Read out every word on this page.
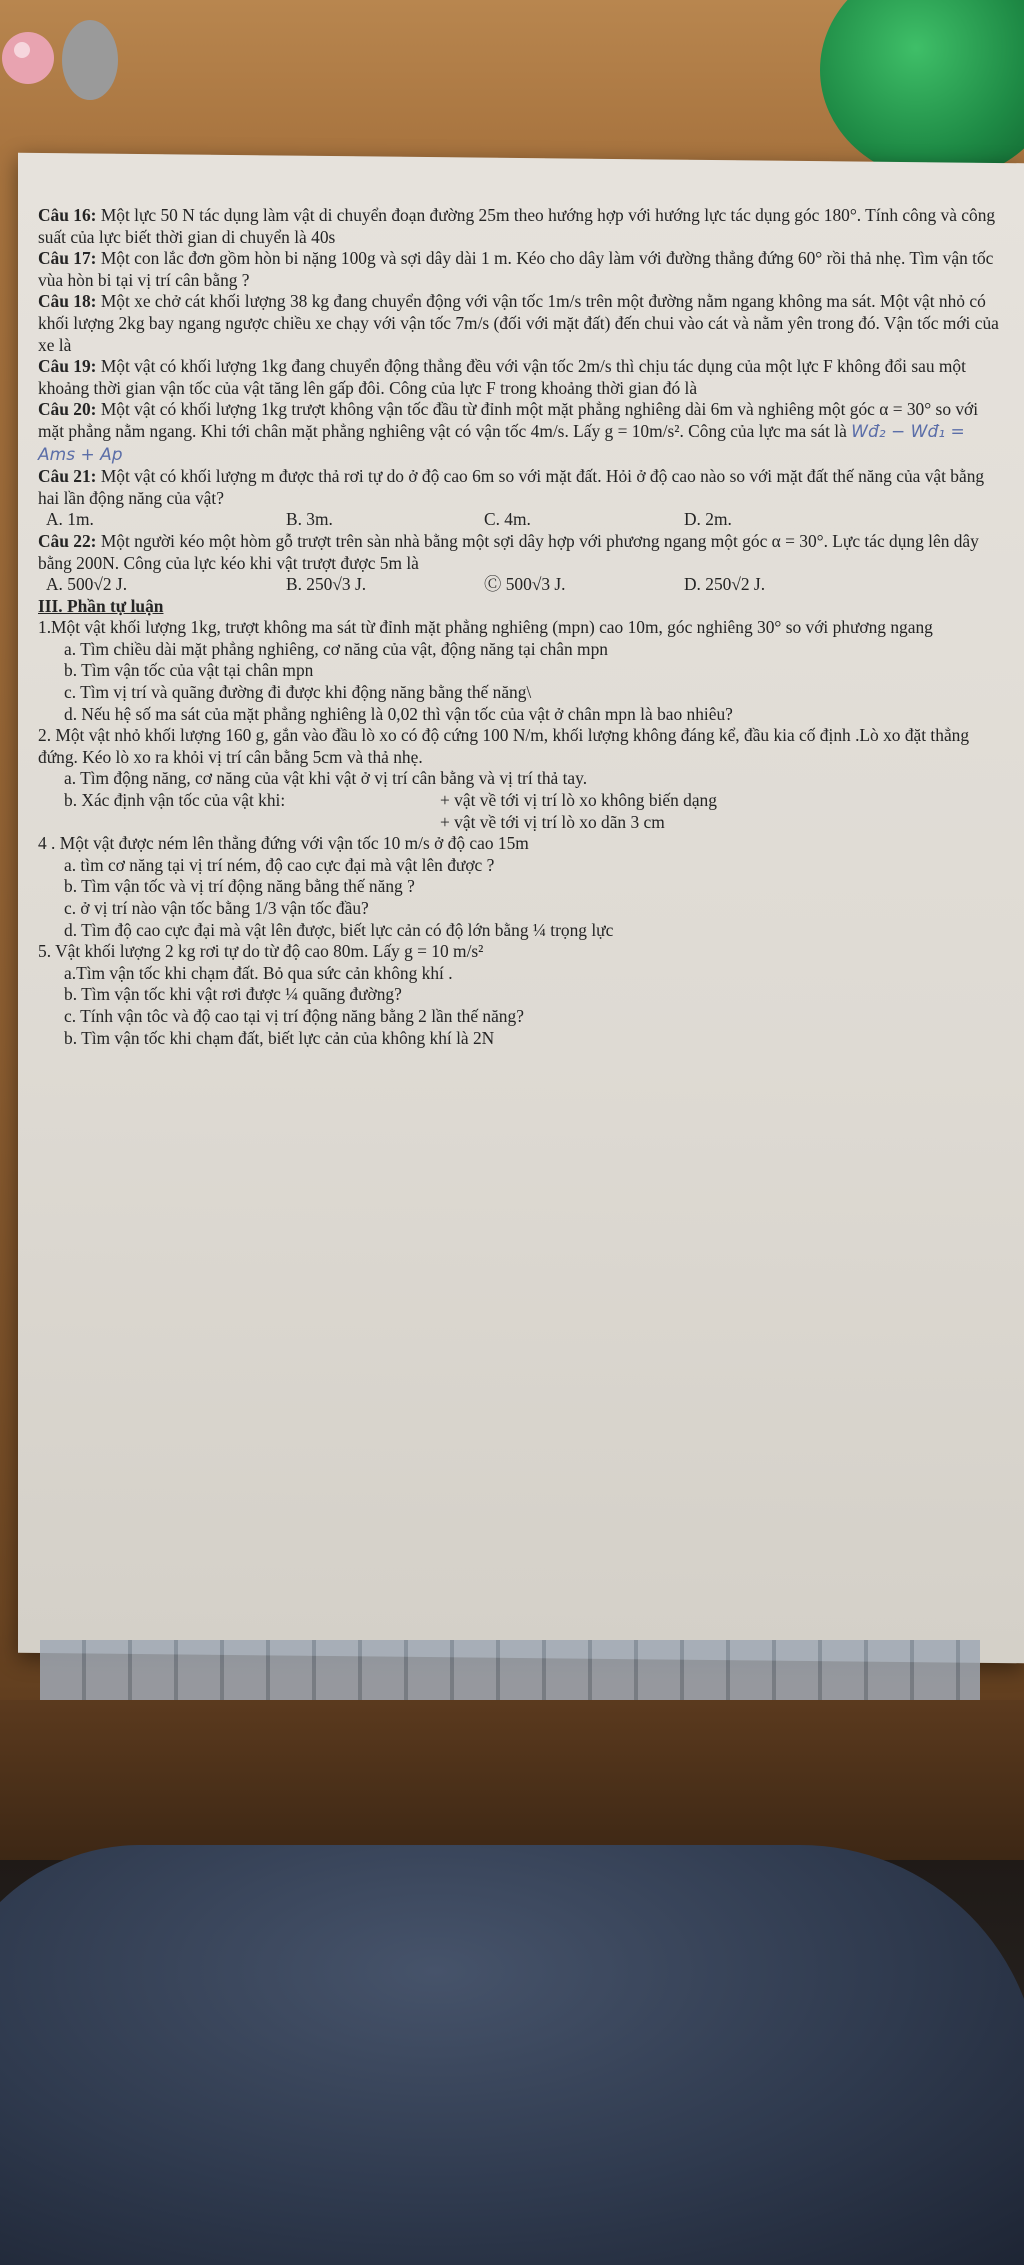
Câu 16: Một lực 50 N tác dụng làm vật di chuyển đoạn đường 25m theo hướng hợp với hướng lực tác dụng góc 180°. Tính công và công suất của lực biết thời gian di chuyển là 40s

Câu 17: Một con lắc đơn gồm hòn bi nặng 100g và sợi dây dài 1 m. Kéo cho dây làm với đường thẳng đứng 60° rồi thả nhẹ. Tìm vận tốc vùa hòn bi tại vị trí cân bằng ?

Câu 18: Một xe chở cát khối lượng 38 kg đang chuyển động với vận tốc 1m/s trên một đường nằm ngang không ma sát. Một vật nhỏ có khối lượng 2kg bay ngang ngược chiều xe chạy với vận tốc 7m/s (đối với mặt đất) đến chui vào cát và nằm yên trong đó. Vận tốc mới của xe là

Câu 19: Một vật có khối lượng 1kg đang chuyển động thẳng đều với vận tốc 2m/s thì chịu tác dụng của một lực F không đổi sau một khoảng thời gian vận tốc của vật tăng lên gấp đôi. Công của lực F trong khoảng thời gian đó là

Câu 20: Một vật có khối lượng 1kg trượt không vận tốc đầu từ đỉnh một mặt phẳng nghiêng dài 6m và nghiêng một góc α = 30° so với mặt phẳng nằm ngang. Khi tới chân mặt phẳng nghiêng vật có vận tốc 4m/s. Lấy g = 10m/s². Công của lực ma sát là Wđ₂ − Wđ₁ = Ams + Ap

Câu 21: Một vật có khối lượng m được thả rơi tự do ở độ cao 6m so với mặt đất. Hỏi ở độ cao nào so với mặt đất thế năng của vật bằng hai lần động năng của vật?

A. 1m.	B. 3m.	C. 4m.	D. 2m.

Câu 22: Một người kéo một hòm gỗ trượt trên sàn nhà bằng một sợi dây hợp với phương ngang một góc α = 30°. Lực tác dụng lên dây bằng 200N. Công của lực kéo khi vật trượt được 5m là

A. 500√2 J.	B. 250√3 J.	Ⓒ 500√3 J.	D. 250√2 J.

III. Phần tự luận

1.Một vật khối lượng 1kg, trượt không ma sát từ đỉnh mặt phẳng nghiêng (mpn) cao 10m, góc nghiêng 30° so với phương ngang

a. Tìm chiều dài mặt phẳng nghiêng, cơ năng của vật, động năng tại chân mpn

b. Tìm vận tốc của vật tại chân mpn

c. Tìm vị trí và quãng đường đi được khi động năng bằng thế năng\

d. Nếu hệ số ma sát của mặt phẳng nghiêng là 0,02 thì vận tốc của vật ở chân mpn là bao nhiêu?

2. Một vật nhỏ khối lượng 160 g, gắn vào đầu lò xo có độ cứng 100 N/m, khối lượng không đáng kể, đầu kia cố định .Lò xo đặt thẳng đứng. Kéo lò xo ra khỏi vị trí cân bằng 5cm và thả nhẹ.

a. Tìm động năng, cơ năng của vật khi vật ở vị trí cân bằng và vị trí thả tay.

b. Xác định vận tốc của vật khi:	+ vật về tới vị trí lò xo không biến dạng

+ vật về tới vị trí lò xo dãn 3 cm

4 . Một vật được ném lên thẳng đứng với vận tốc 10 m/s ở độ cao 15m

a. tìm cơ năng tại vị trí ném, độ cao cực đại mà vật lên được ?

b. Tìm vận tốc và vị trí động năng bằng thế năng ?

c. ở vị trí nào vận tốc bằng 1/3 vận tốc đầu?

d. Tìm độ cao cực đại mà vật lên được, biết lực cản có độ lớn bằng ¼ trọng lực

5. Vật khối lượng 2 kg rơi tự do từ độ cao 80m. Lấy g = 10 m/s²

a.Tìm vận tốc khi chạm đất. Bỏ qua sức cản không khí .

b. Tìm vận tốc khi vật rơi được ¼ quãng đường?

c. Tính vận tôc và độ cao tại vị trí động năng bằng 2 lần thế năng?

b. Tìm vận tốc khi chạm đất, biết lực cản của không khí là 2N
